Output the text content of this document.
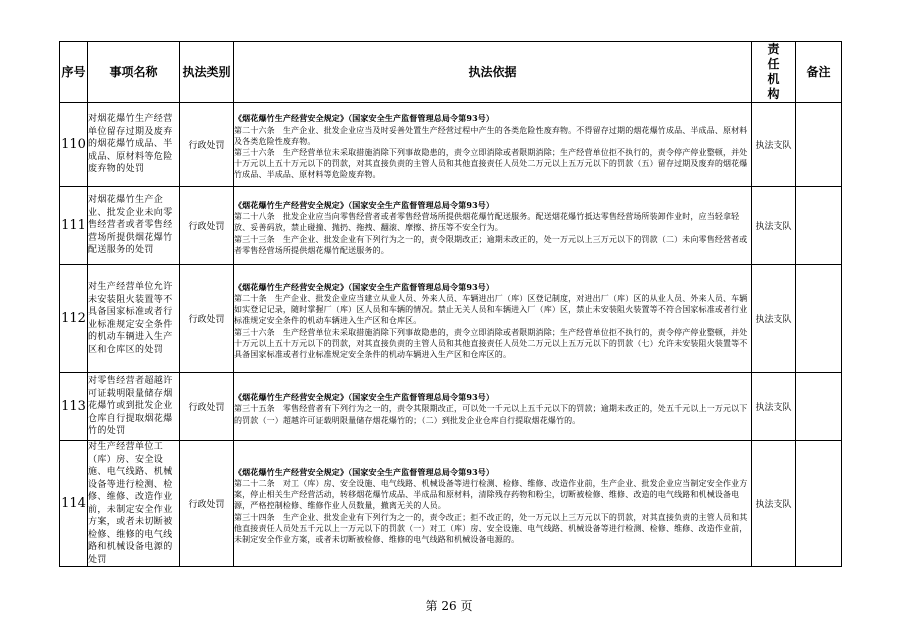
序号	事项名称	执法类别	执法依据	责任机构	备注
110	对烟花爆竹生产经营单位留存过期及废弃的烟花爆竹成品、半成品、原材料等危险废弃物的处罚	行政处罚	《烟花爆竹生产经营安全规定》（国家安全生产监督管理总局令第93号）
第二十六条　生产企业、批发企业应当及时妥善处置生产经营过程中产生的各类危险性废弃物。不得留存过期的烟花爆竹成品、半成品、原材料及各类危险性废弃物。
第三十六条　生产经营单位未采取措施消除下列事故隐患的，责令立即消除或者限期消除；生产经营单位拒不执行的，责令停产停业整顿，并处十万元以上五十万元以下的罚款，对其直接负责的主管人员和其他直接责任人员处二万元以上五万元以下的罚款（五）留存过期及废弃的烟花爆竹成品、半成品、原材料等危险废弃物。	执法支队	
111	对烟花爆竹生产企业、批发企业未向零售经营者或者零售经营场所提供烟花爆竹配送服务的处罚	行政处罚	《烟花爆竹生产经营安全规定》（国家安全生产监督管理总局令第93号）
第二十八条　批发企业应当向零售经营者或者零售经营场所提供烟花爆竹配送服务。配送烟花爆竹抵达零售经营场所装卸作业时，应当轻拿轻放、妥善码放，禁止碰撞、抛扔、拖拽、翻滚、摩擦、挤压等不安全行为。
第三十三条　生产企业、批发企业有下列行为之一的，责令限期改正；逾期未改正的，处一万元以上三万元以下的罚款（二）未向零售经营者或者零售经营场所提供烟花爆竹配送服务的。	执法支队	
112	对生产经营单位允许未安装阻火装置等不具备国家标准或者行业标准规定安全条件的机动车辆进入生产区和仓库区的处罚	行政处罚	《烟花爆竹生产经营安全规定》（国家安全生产监督管理总局令第93号）
第二十条　生产企业、批发企业应当建立从业人员、外来人员、车辆进出厂（库）区登记制度，对进出厂（库）区的从业人员、外来人员、车辆如实登记记录，随时掌握厂（库）区人员和车辆的情况。禁止无关人员和车辆进入厂（库）区，禁止未安装阻火装置等不符合国家标准或者行业标准规定安全条件的机动车辆进入生产区和仓库区。
第三十六条　生产经营单位未采取措施消除下列事故隐患的，责令立即消除或者限期消除；生产经营单位拒不执行的，责令停产停业整顿，并处十万元以上五十万元以下的罚款，对其直接负责的主管人员和其他直接责任人员处二万元以上五万元以下的罚款（七）允许未安装阻火装置等不具备国家标准或者行业标准规定安全条件的机动车辆进入生产区和仓库区的。	执法支队	
113	对零售经营者超越许可证载明限量储存烟花爆竹或到批发企业仓库自行提取烟花爆竹的处罚	行政处罚	《烟花爆竹生产经营安全规定》（国家安全生产监督管理总局令第93号）
第三十五条　零售经营者有下列行为之一的，责令其限期改正，可以处一千元以上五千元以下的罚款；逾期未改正的，处五千元以上一万元以下的罚款（一）超越许可证载明限量储存烟花爆竹的；（二）到批发企业仓库自行提取烟花爆竹的。	执法支队	
114	对生产经营单位工（库）房、安全设施、电气线路、机械设备等进行检测、检修、维修、改造作业前，未制定安全作业方案，或者未切断被检修、维修的电气线路和机械设备电源的处罚	行政处罚	《烟花爆竹生产经营安全规定》（国家安全生产监督管理总局令第93号）
第二十二条　对工（库）房、安全设施、电气线路、机械设备等进行检测、检修、维修、改造作业前，生产企业、批发企业应当制定安全作业方案，停止相关生产经营活动，转移烟花爆竹成品、半成品和原材料，清除残存药物和粉尘，切断被检修、维修、改造的电气线路和机械设备电源，严格控制检修、维修作业人员数量，撤离无关的人员。
第三十四条　生产企业、批发企业有下列行为之一的，责令改正；拒不改正的，处一万元以上三万元以下的罚款，对其直接负责的主管人员和其他直接责任人员处五千元以上一万元以下的罚款（一）对工（库）房、安全设施、电气线路、机械设备等进行检测、检修、维修、改造作业前，未制定安全作业方案，或者未切断被检修、维修的电气线路和机械设备电源的。	执法支队	
第 26 页
